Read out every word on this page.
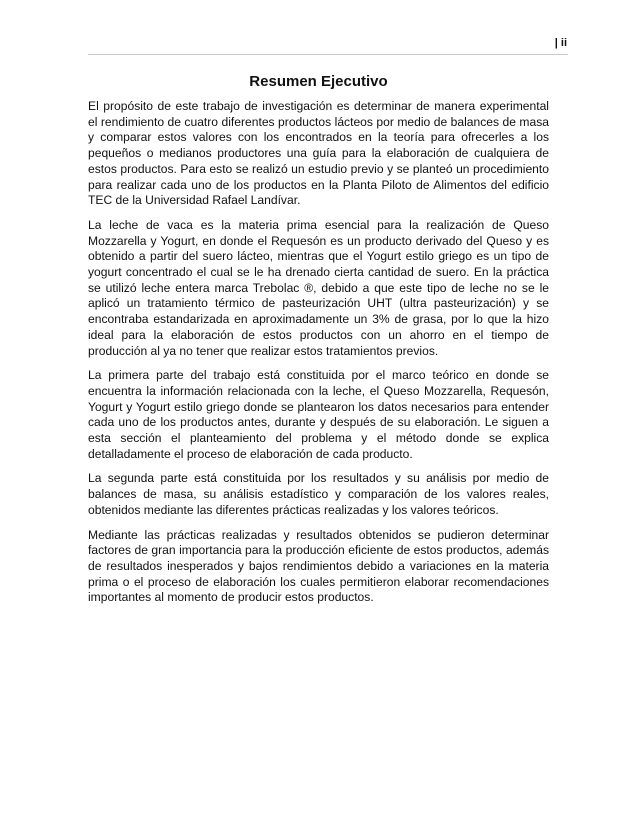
| ii
Resumen Ejecutivo

El propósito de este trabajo de investigación es determinar de manera experimental el rendimiento de cuatro diferentes productos lácteos por medio de balances de masa y comparar estos valores con los encontrados en la teoría para ofrecerles a los pequeños o medianos productores una guía para la elaboración de cualquiera de estos productos. Para esto se realizó un estudio previo y se planteó un procedimiento para realizar cada uno de los productos en la Planta Piloto de Alimentos del edificio TEC de la Universidad Rafael Landívar.

La leche de vaca es la materia prima esencial para la realización de Queso Mozzarella y Yogurt, en donde el Requesón es un producto derivado del Queso y es obtenido a partir del suero lácteo, mientras que el Yogurt estilo griego es un tipo de yogurt concentrado el cual se le ha drenado cierta cantidad de suero. En la práctica se utilizó leche entera marca Trebolac ®, debido a que este tipo de leche no se le aplicó un tratamiento térmico de pasteurización UHT (ultra pasteurización) y se encontraba estandarizada en aproximadamente un 3% de grasa, por lo que la hizo ideal para la elaboración de estos productos con un ahorro en el tiempo de producción al ya no tener que realizar estos tratamientos previos.

La primera parte del trabajo está constituida por el marco teórico en donde se encuentra la información relacionada con la leche, el Queso Mozzarella, Requesón, Yogurt y Yogurt estilo griego donde se plantearon los datos necesarios para entender cada uno de los productos antes, durante y después de su elaboración. Le siguen a esta sección el planteamiento del problema y el método donde se explica detalladamente el proceso de elaboración de cada producto.

La segunda parte está constituida por los resultados y su análisis por medio de balances de masa, su análisis estadístico y comparación de los valores reales, obtenidos mediante las diferentes prácticas realizadas y los valores teóricos.

Mediante las prácticas realizadas y resultados obtenidos se pudieron determinar factores de gran importancia para la producción eficiente de estos productos, además de resultados inesperados y bajos rendimientos debido a variaciones en la materia prima o el proceso de elaboración los cuales permitieron elaborar recomendaciones importantes al momento de producir estos productos.
